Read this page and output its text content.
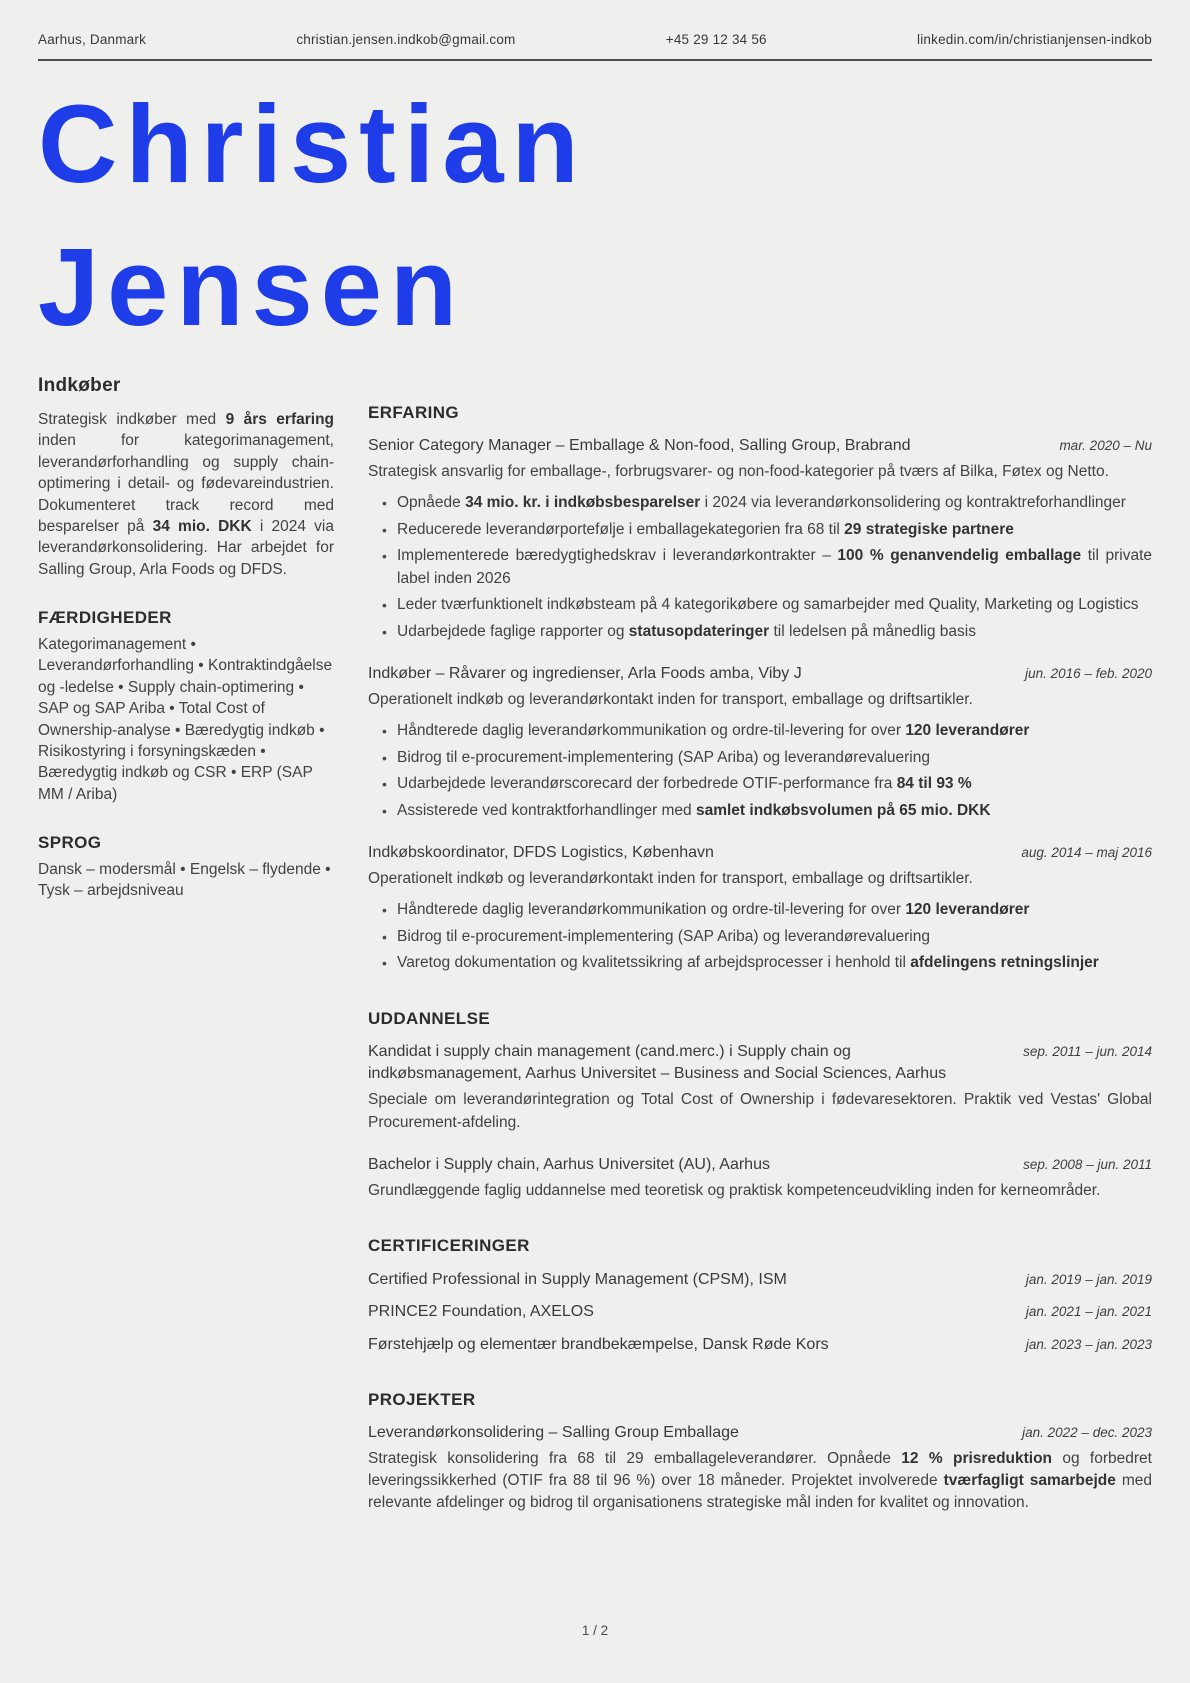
Aarhus, Danmark	christian.jensen.indkob@gmail.com	+45 29 12 34 56	linkedin.com/in/christianjensen-indkob
Christian
Jensen
Indkøber

Strategisk indkøber med 9 års erfaring inden for kategorimanagement, leverandørforhandling og supply chain-optimering i detail- og fødevareindustrien. Dokumenteret track record med besparelser på 34 mio. DKK i 2024 via leverandørkonsolidering. Har arbejdet for Salling Group, Arla Foods og DFDS.

FÆRDIGHEDER

Kategorimanagement • Leverandørforhandling • Kontraktindgåelse og -ledelse • Supply chain-optimering • SAP og SAP Ariba • Total Cost of Ownership-analyse • Bæredygtig indkøb • Risikostyring i forsyningskæden • Bæredygtig indkøb og CSR • ERP (SAP MM / Ariba)

SPROG

Dansk – modersmål • Engelsk – flydende • Tysk – arbejdsniveau

ERFARING
Senior Category Manager – Emballage & Non-food, Salling Group, Brabrand	mar. 2020 – Nu

Strategisk ansvarlig for emballage-, forbrugsvarer- og non-food-kategorier på tværs af Bilka, Føtex og Netto.

• Opnåede 34 mio. kr. i indkøbsbesparelser i 2024 via leverandørkonsolidering og kontraktreforhandlinger
• Reducerede leverandørportefølje i emballagekategorien fra 68 til 29 strategiske partnere
• Implementerede bæredygtighedskrav i leverandørkontrakter – 100 % genanvendelig emballage til private label inden 2026
• Leder tværfunktionelt indkøbsteam på 4 kategorikøbere og samarbejder med Quality, Marketing og Logistics
• Udarbejdede faglige rapporter og statusopdateringer til ledelsen på månedlig basis
Indkøber – Råvarer og ingredienser, Arla Foods amba, Viby J	jun. 2016 – feb. 2020

Operationelt indkøb og leverandørkontakt inden for transport, emballage og driftsartikler.

• Håndterede daglig leverandørkommunikation og ordre-til-levering for over 120 leverandører
• Bidrog til e-procurement-implementering (SAP Ariba) og leverandørevaluering
• Udarbejdede leverandørscorecard der forbedrede OTIF-performance fra 84 til 93 %
• Assisterede ved kontraktforhandlinger med samlet indkøbsvolumen på 65 mio. DKK
Indkøbskoordinator, DFDS Logistics, København	aug. 2014 – maj 2016

Operationelt indkøb og leverandørkontakt inden for transport, emballage og driftsartikler.

• Håndterede daglig leverandørkommunikation og ordre-til-levering for over 120 leverandører
• Bidrog til e-procurement-implementering (SAP Ariba) og leverandørevaluering
• Varetog dokumentation og kvalitetssikring af arbejdsprocesser i henhold til afdelingens retningslinjer
UDDANNELSE
Kandidat i supply chain management (cand.merc.) i Supply chain og indkøbsmanagement, Aarhus Universitet – Business and Social Sciences, Aarhus
sep. 2011 – jun. 2014

Speciale om leverandørintegration og Total Cost of Ownership i fødevaresektoren. Praktik ved Vestas' Global Procurement-afdeling.

Bachelor i Supply chain, Aarhus Universitet (AU), Aarhus	sep. 2008 – jun. 2011

Grundlæggende faglig uddannelse med teoretisk og praktisk kompetenceudvikling inden for kerneområder.

CERTIFICERINGER
Certified Professional in Supply Management (CPSM), ISM	jan. 2019 – jan. 2019
PRINCE2 Foundation, AXELOS	jan. 2021 – jan. 2021
Førstehjælp og elementær brandbekæmpelse, Dansk Røde Kors	jan. 2023 – jan. 2023
PROJEKTER
Leverandørkonsolidering – Salling Group Emballage	jan. 2022 – dec. 2023

Strategisk konsolidering fra 68 til 29 emballageleverandører. Opnåede 12 % prisreduktion og forbedret leveringssikkerhed (OTIF fra 88 til 96 %) over 18 måneder. Projektet involverede tværfagligt samarbejde med relevante afdelinger og bidrog til organisationens strategiske mål inden for kvalitet og innovation.

1 / 2
